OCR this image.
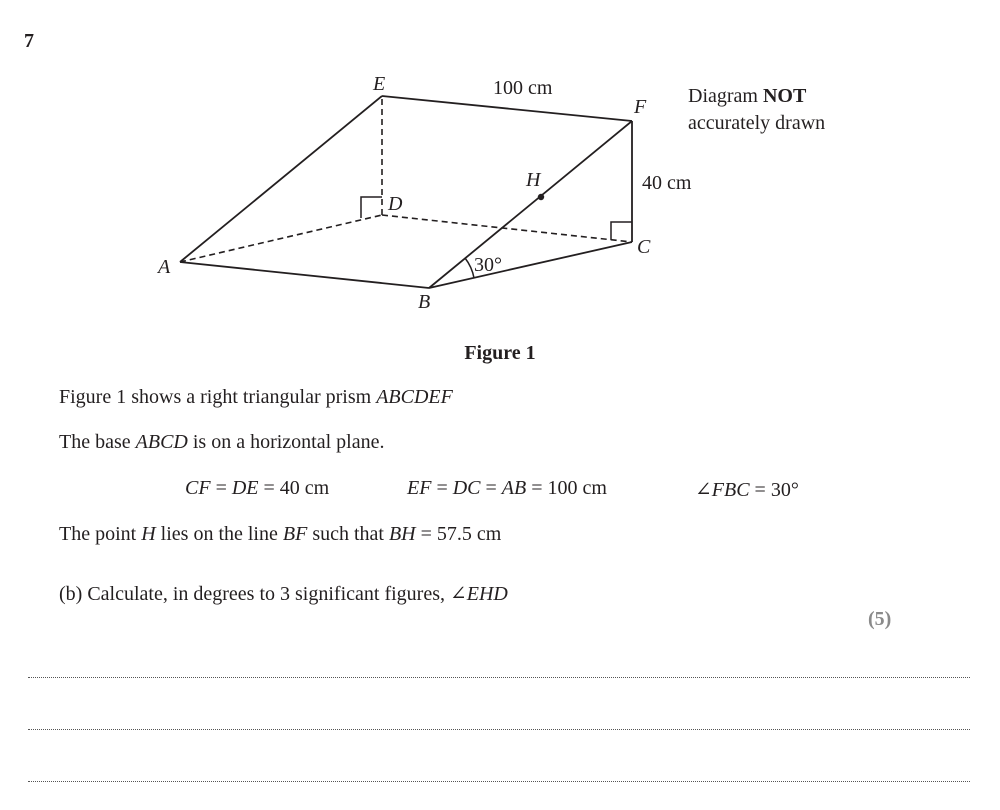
7
E
F
D
C
A
B
H
100 cm
40 cm
30°
Diagram NOT
accurately drawn
Figure 1
Figure 1 shows a right triangular prism ABCDEF
The base ABCD is on a horizontal plane.
CF = DE = 40 cm	EF = DC = AB = 100 cm	∠FBC = 30°
The point H lies on the line BF such that BH = 57.5 cm
(b) Calculate, in degrees to 3 significant figures, ∠EHD
(5)
